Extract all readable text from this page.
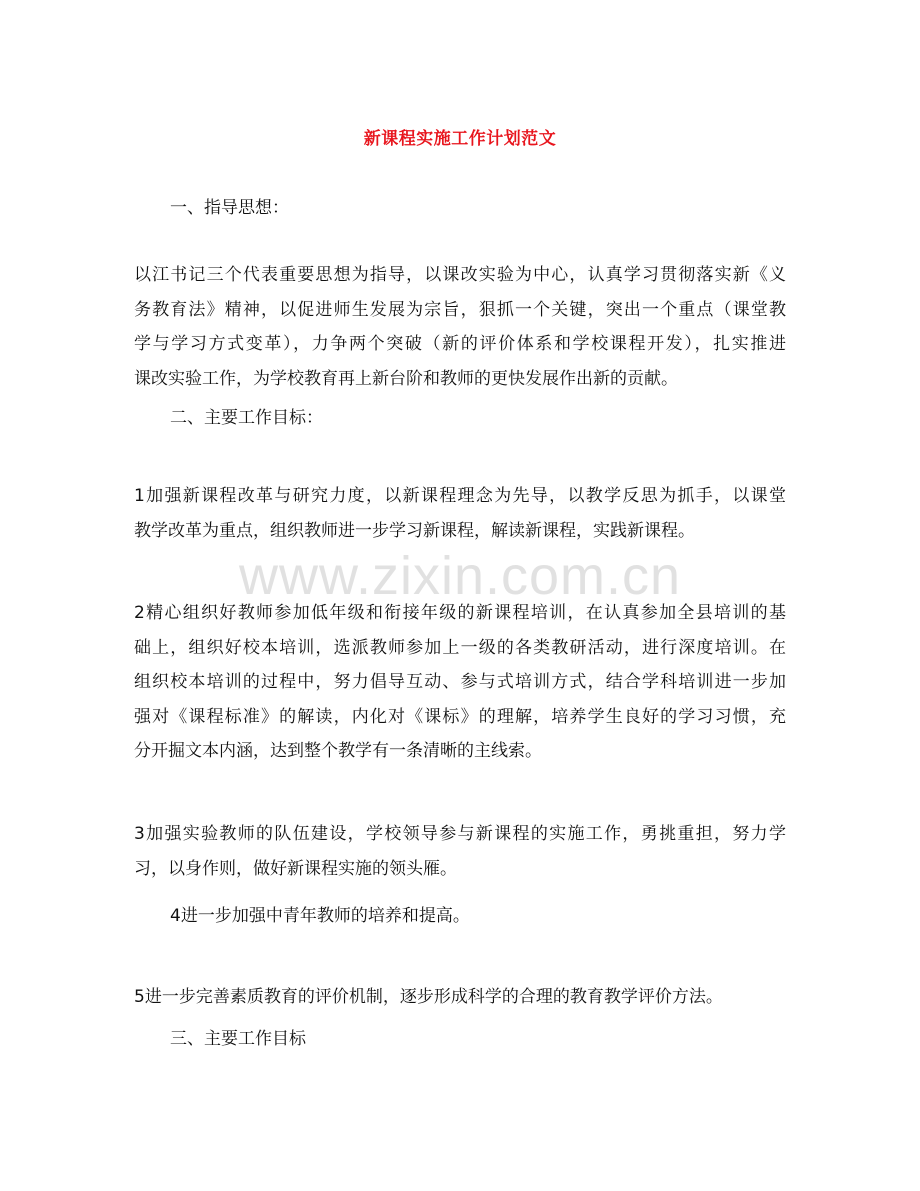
www.zixin.com.cn
新课程实施工作计划范文
一、指导思想：
以江书记三个代表重要思想为指导，以课改实验为中心，认真学习贯彻落实新《义
务教育法》精神，以促进师生发展为宗旨，狠抓一个关键，突出一个重点（课堂教
学与学习方式变革），力争两个突破（新的评价体系和学校课程开发），扎实推进
课改实验工作，为学校教育再上新台阶和教师的更快发展作出新的贡献。
二、主要工作目标：
1加强新课程改革与研究力度，以新课程理念为先导，以教学反思为抓手，以课堂
教学改革为重点，组织教师进一步学习新课程，解读新课程，实践新课程。
2精心组织好教师参加低年级和衔接年级的新课程培训，在认真参加全县培训的基
础上，组织好校本培训，选派教师参加上一级的各类教研活动，进行深度培训。在
组织校本培训的过程中，努力倡导互动、参与式培训方式，结合学科培训进一步加
强对《课程标准》的解读，内化对《课标》的理解，培养学生良好的学习习惯，充
分开掘文本内涵，达到整个教学有一条清晰的主线索。
3加强实验教师的队伍建设，学校领导参与新课程的实施工作，勇挑重担，努力学
习，以身作则，做好新课程实施的领头雁。
4进一步加强中青年教师的培养和提高。
5进一步完善素质教育的评价机制，逐步形成科学的合理的教育教学评价方法。
三、主要工作目标
